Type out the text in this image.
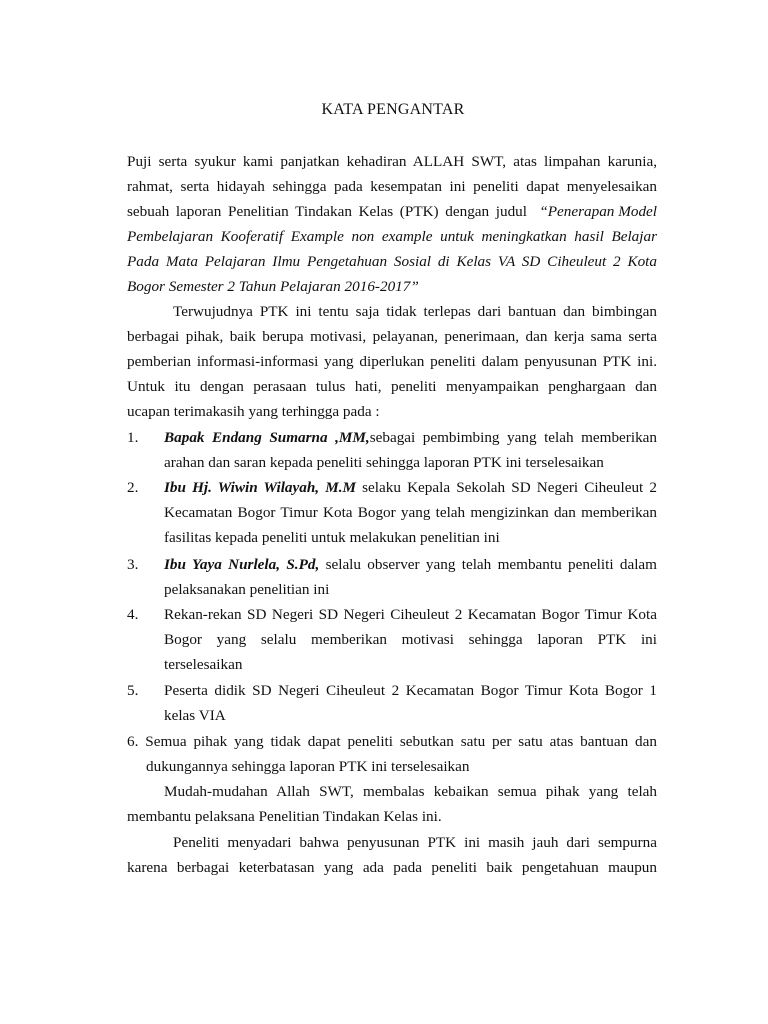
KATA PENGANTAR
Puji serta syukur kami panjatkan kehadiran ALLAH SWT, atas limpahan karunia,
rahmat, serta hidayah sehingga pada kesempatan ini peneliti dapat menyelesaikan
sebuah laporan Penelitian Tindakan Kelas (PTK) dengan judul “Penerapan Model
Pembelajaran Kooferatif Example non example untuk meningkatkan hasil Belajar
Pada Mata Pelajaran Ilmu Pengetahuan Sosial di Kelas VA SD Ciheuleut 2 Kota
Bogor Semester 2 Tahun Pelajaran 2016-2017”
Terwujudnya PTK ini tentu saja tidak terlepas dari bantuan dan bimbingan
berbagai pihak, baik berupa motivasi, pelayanan, penerimaan, dan kerja sama serta
pemberian informasi-informasi yang diperlukan peneliti dalam penyusunan PTK ini.
Untuk itu dengan perasaan tulus hati, peneliti menyampaikan penghargaan dan
ucapan terimakasih yang terhingga pada :
1. Bapak Endang Sumarna ,MM,sebagai pembimbing yang telah memberikan
arahan dan saran kepada peneliti sehingga laporan PTK ini terselesaikan
2. Ibu Hj. Wiwin Wilayah, M.M selaku Kepala Sekolah SD Negeri Ciheuleut 2
Kecamatan Bogor Timur Kota Bogor yang telah mengizinkan dan memberikan
fasilitas kepada peneliti untuk melakukan penelitian ini
3. Ibu Yaya Nurlela, S.Pd, selalu observer yang telah membantu peneliti dalam
pelaksanakan penelitian ini
4. Rekan-rekan SD Negeri SD Negeri Ciheuleut 2 Kecamatan Bogor Timur Kota
Bogor yang selalu memberikan motivasi sehingga laporan PTK ini
terselesaikan
5. Peserta didik SD Negeri Ciheuleut 2 Kecamatan Bogor Timur Kota Bogor 1
kelas VIA
6. Semua pihak yang tidak dapat peneliti sebutkan satu per satu atas bantuan dan
dukungannya sehingga laporan PTK ini terselesaikan
Mudah-mudahan Allah SWT, membalas kebaikan semua pihak yang telah
membantu pelaksana Penelitian Tindakan Kelas ini.
Peneliti menyadari bahwa penyusunan PTK ini masih jauh dari sempurna
karena berbagai keterbatasan yang ada pada peneliti baik pengetahuan maupun
